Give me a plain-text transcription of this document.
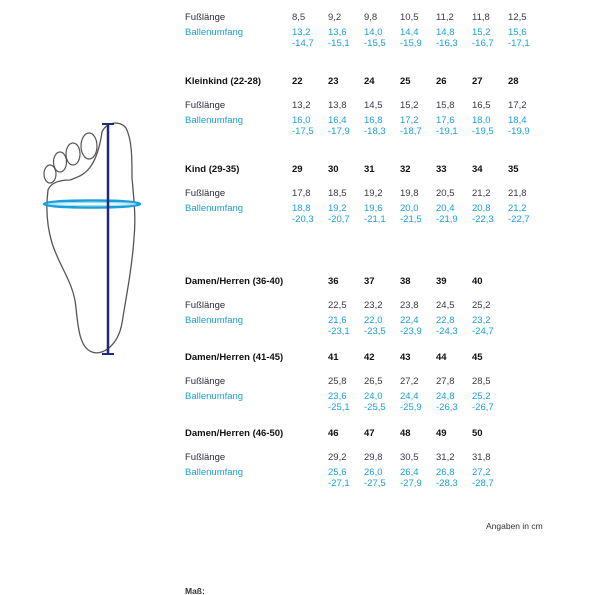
Fußlänge	8,5 9,2 9,8 10,5 11,2 11,8 12,5
Ballenumfang	13,2 13,6 14,0 14,4 14,8 15,2 15,6
-14,7 -15,1 -15,5 -15,9 -16,3 -16,7 -17,1
Kleinkind (22-28)	22	23	24	25	26	27	28
Fußlänge	13,2 13,8 14,5 15,2 15,8 16,5 17,2
Ballenumfang	16,0 16,4 16,8 17,2 17,6 18,0 18,4
-17,5 -17,9 -18,3 -18,7 -19,1 -19,5 -19,9
Kind (29-35)	29	30	31	32	33	34	35
Fußlänge	17,8 18,5 19,2 19,8 20,5 21,2 21,8
Ballenumfang	18,8 19,2 19,6 20,0 20,4 20,8 21,2
-20,3 -20,7 -21,1 -21,5 -21,9 -22,3 -22,7
Damen/Herren (36-40)	36	37	38	39	40
Fußlänge	22,5 23,2 23,8 24,5 25,2
Ballenumfang	21,6 22,0 22,4 22,8 23,2
-23,1 -23,5 -23,9 -24,3 -24,7
Damen/Herren (41-45)	41	42	43	44	45
Fußlänge	25,8 26,5 27,2 27,8 28,5
Ballenumfang	23,6 24,0 24,4 24,8 25,2
-25,1 -25,5 -25,9 -26,3 -26,7
Damen/Herren (46-50)	46	47	48	49	50
Fußlänge	29,2 29,8 30,5 31,2 31,8
Ballenumfang	25,6 26,0 26,4 26,8 27,2
-27,1 -27,5 -27,9 -28,3 -28,7
Angaben in cm
Maß:
